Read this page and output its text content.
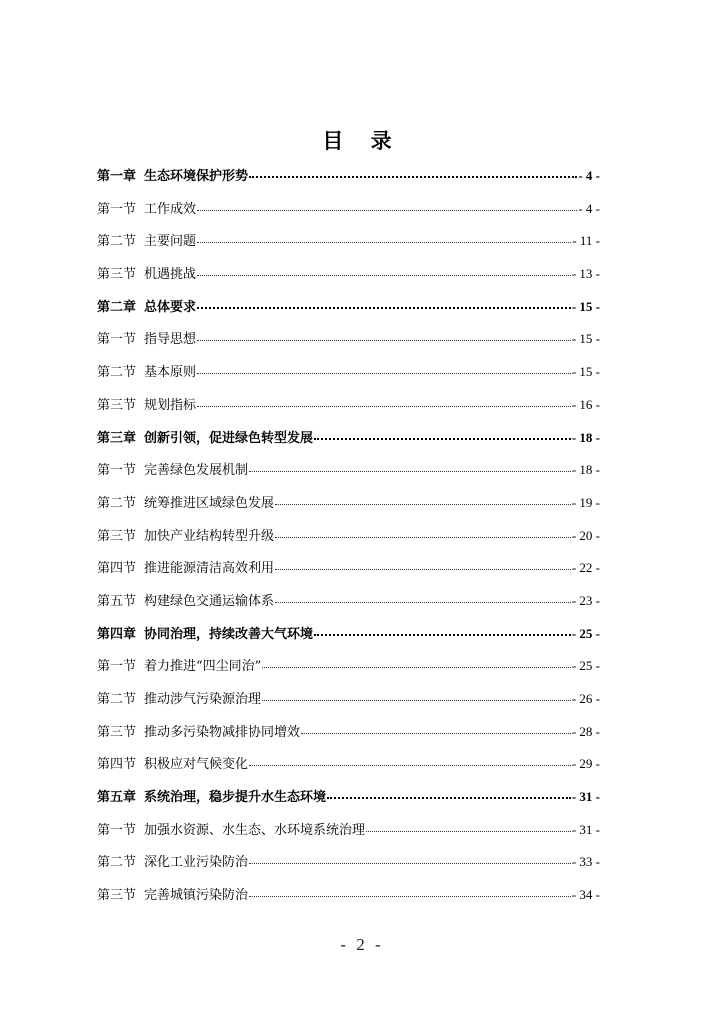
目 录
第一章 生态环境保护形势	- 4 -
第一节 工作成效	- 4 -
第二节 主要问题	- 11 -
第三节 机遇挑战	- 13 -
第二章 总体要求	- 15 -
第一节 指导思想	- 15 -
第二节 基本原则	- 15 -
第三节 规划指标	- 16 -
第三章 创新引领，促进绿色转型发展	- 18 -
第一节 完善绿色发展机制	- 18 -
第二节 统筹推进区域绿色发展	- 19 -
第三节 加快产业结构转型升级	- 20 -
第四节 推进能源清洁高效利用	- 22 -
第五节 构建绿色交通运输体系	- 23 -
第四章 协同治理，持续改善大气环境	- 25 -
第一节 着力推进“四尘同治”	- 25 -
第二节 推动涉气污染源治理	- 26 -
第三节 推动多污染物减排协同增效	- 28 -
第四节 积极应对气候变化	- 29 -
第五章 系统治理，稳步提升水生态环境	- 31 -
第一节 加强水资源、水生态、水环境系统治理	- 31 -
第二节 深化工业污染防治	- 33 -
第三节 完善城镇污染防治	- 34 -
- 2 -
